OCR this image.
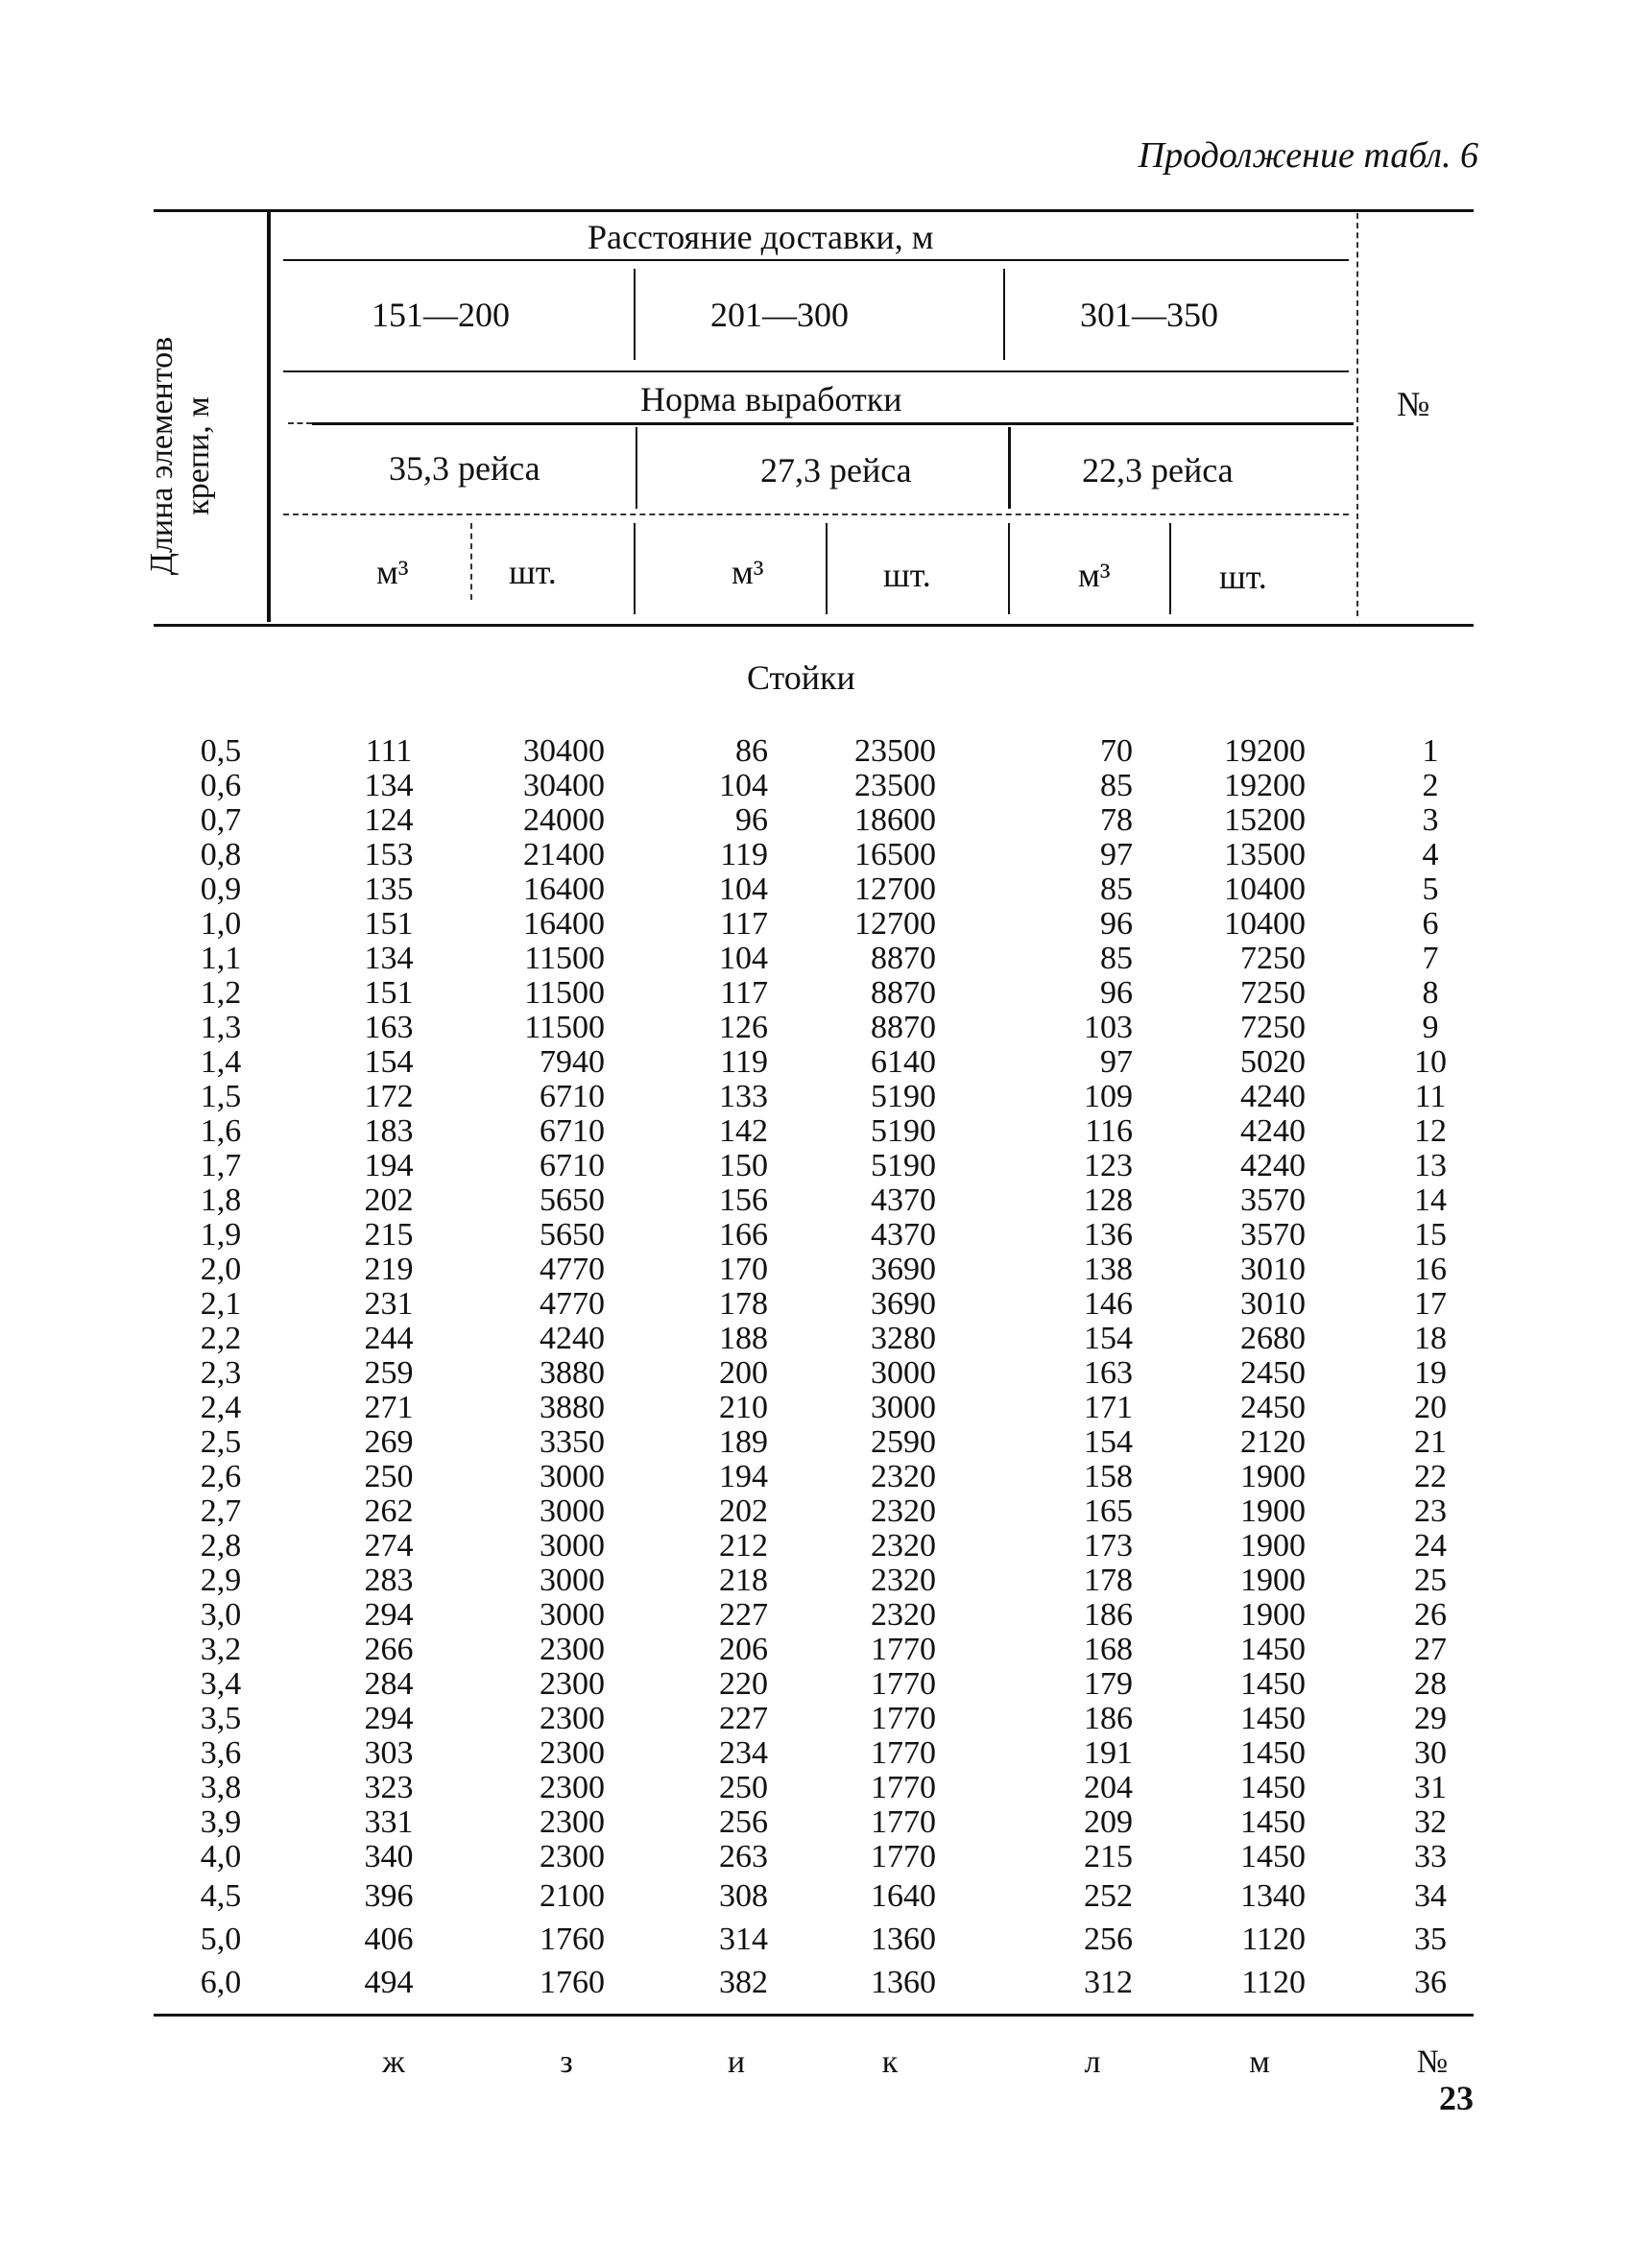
Продолжение табл. 6
Длина элементов крепи, м
Расстояние доставки, м
151—200	201—300	301—350
Норма выработки
35,3 рейса	27,3 рейса	22,3 рейса
м³	шт.	м³	шт.	м³	шт.
№
Стойки
0,5	111	30400	86	23500	70	19200	1
0,6	134	30400	104	23500	85	19200	2
0,7	124	24000	96	18600	78	15200	3
0,8	153	21400	119	16500	97	13500	4
0,9	135	16400	104	12700	85	10400	5
1,0	151	16400	117	12700	96	10400	6
1,1	134	11500	104	8870	85	7250	7
1,2	151	11500	117	8870	96	7250	8
1,3	163	11500	126	8870	103	7250	9
1,4	154	7940	119	6140	97	5020	10
1,5	172	6710	133	5190	109	4240	11
1,6	183	6710	142	5190	116	4240	12
1,7	194	6710	150	5190	123	4240	13
1,8	202	5650	156	4370	128	3570	14
1,9	215	5650	166	4370	136	3570	15
2,0	219	4770	170	3690	138	3010	16
2,1	231	4770	178	3690	146	3010	17
2,2	244	4240	188	3280	154	2680	18
2,3	259	3880	200	3000	163	2450	19
2,4	271	3880	210	3000	171	2450	20
2,5	269	3350	189	2590	154	2120	21
2,6	250	3000	194	2320	158	1900	22
2,7	262	3000	202	2320	165	1900	23
2,8	274	3000	212	2320	173	1900	24
2,9	283	3000	218	2320	178	1900	25
3,0	294	3000	227	2320	186	1900	26
3,2	266	2300	206	1770	168	1450	27
3,4	284	2300	220	1770	179	1450	28
3,5	294	2300	227	1770	186	1450	29
3,6	303	2300	234	1770	191	1450	30
3,8	323	2300	250	1770	204	1450	31
3,9	331	2300	256	1770	209	1450	32
4,0	340	2300	263	1770	215	1450	33
4,5	396	2100	308	1640	252	1340	34
5,0	406	1760	314	1360	256	1120	35
6,0	494	1760	382	1360	312	1120	36
ж	з	и	к	л	м	№
23
